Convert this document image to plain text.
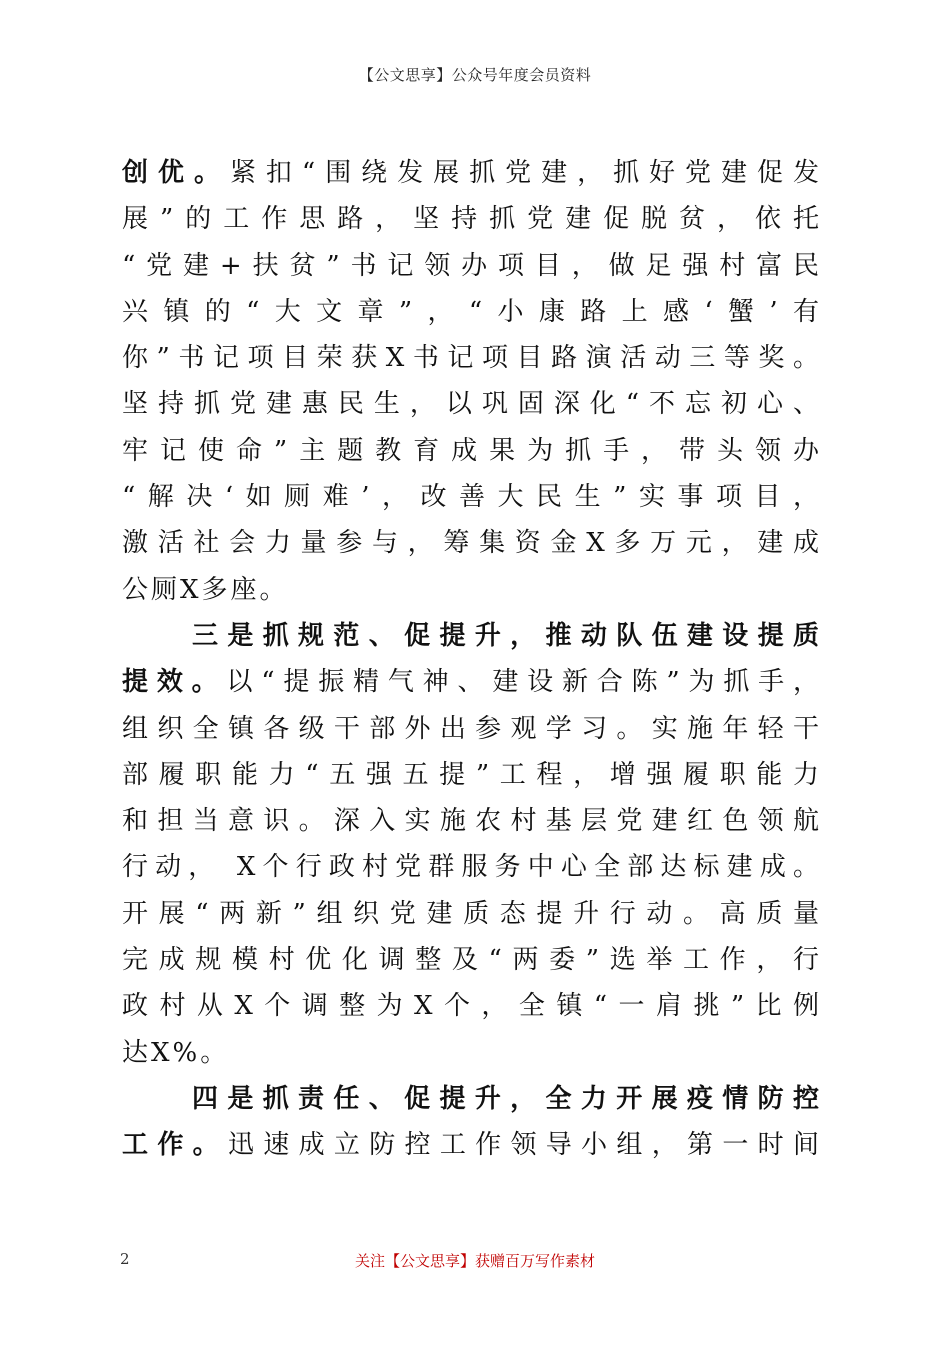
【公文思享】公众号年度会员资料
创优。紧扣“围绕发展抓党建，抓好党建促发
展”的工作思路，坚持抓党建促脱贫，依托
“党建+扶贫”书记领办项目，做足强村富民
兴镇的“大文章”，“小康路上感‘蟹’有
你”书记项目荣获X书记项目路演活动三等奖。
坚持抓党建惠民生，以巩固深化“不忘初心、
牢记使命”主题教育成果为抓手，带头领办
“解决‘如厕难’，改善大民生”实事项目，
激活社会力量参与，筹集资金X多万元，建成
公厕X多座。
三是抓规范、促提升，推动队伍建设提质
提效。以“提振精气神、建设新合陈”为抓手，
组织全镇各级干部外出参观学习。实施年轻干
部履职能力“五强五提”工程，增强履职能力
和担当意识。深入实施农村基层党建红色领航
行动， X个行政村党群服务中心全部达标建成。
开展“两新”组织党建质态提升行动。高质量
完成规模村优化调整及“两委”选举工作，行
政村从X个调整为X个，全镇“一肩挑”比例
达X%。
四是抓责任、促提升，全力开展疫情防控
工作。迅速成立防控工作领导小组，第一时间
2	关注【公文思享】获赠百万写作素材
